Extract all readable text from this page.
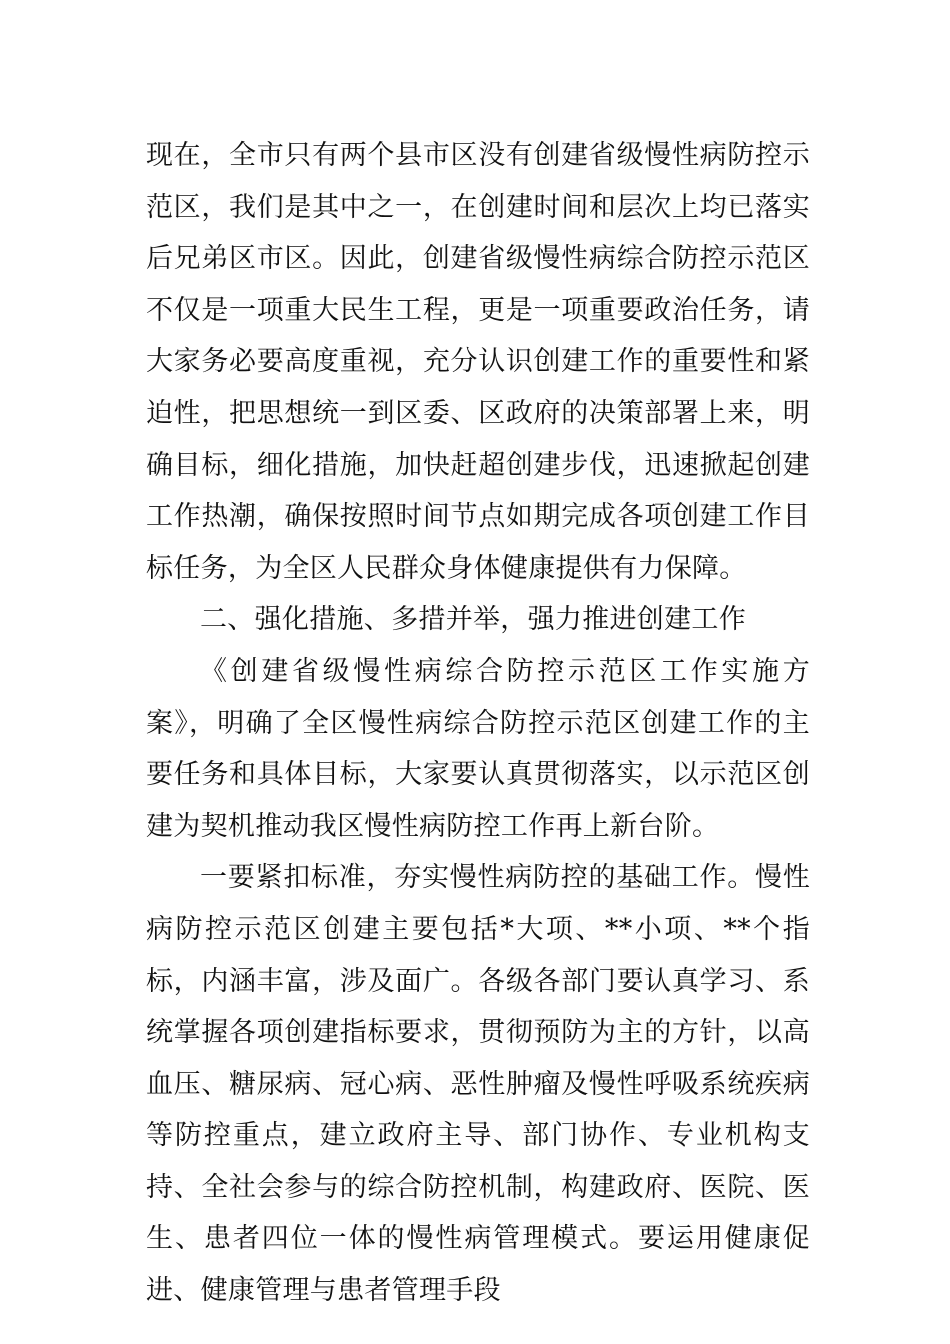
现在，全市只有两个县市区没有创建省级慢性病防控示范区，我们是其中之一，在创建时间和层次上均已落实后兄弟区市区。因此，创建省级慢性病综合防控示范区不仅是一项重大民生工程，更是一项重要政治任务，请大家务必要高度重视，充分认识创建工作的重要性和紧迫性，把思想统一到区委、区政府的决策部署上来，明确目标，细化措施，加快赶超创建步伐，迅速掀起创建工作热潮，确保按照时间节点如期完成各项创建工作目标任务，为全区人民群众身体健康提供有力保障。

二、强化措施、多措并举，强力推进创建工作

《创建省级慢性病综合防控示范区工作实施方案》，明确了全区慢性病综合防控示范区创建工作的主要任务和具体目标，大家要认真贯彻落实，以示范区创建为契机推动我区慢性病防控工作再上新台阶。

一要紧扣标准，夯实慢性病防控的基础工作。慢性病防控示范区创建主要包括*大项、**小项、**个指标，内涵丰富，涉及面广。各级各部门要认真学习、系统掌握各项创建指标要求，贯彻预防为主的方针，以高血压、糖尿病、冠心病、恶性肿瘤及慢性呼吸系统疾病等防控重点，建立政府主导、部门协作、专业机构支持、全社会参与的综合防控机制，构建政府、医院、医生、患者四位一体的慢性病管理模式。要运用健康促进、健康管理与患者管理手段
